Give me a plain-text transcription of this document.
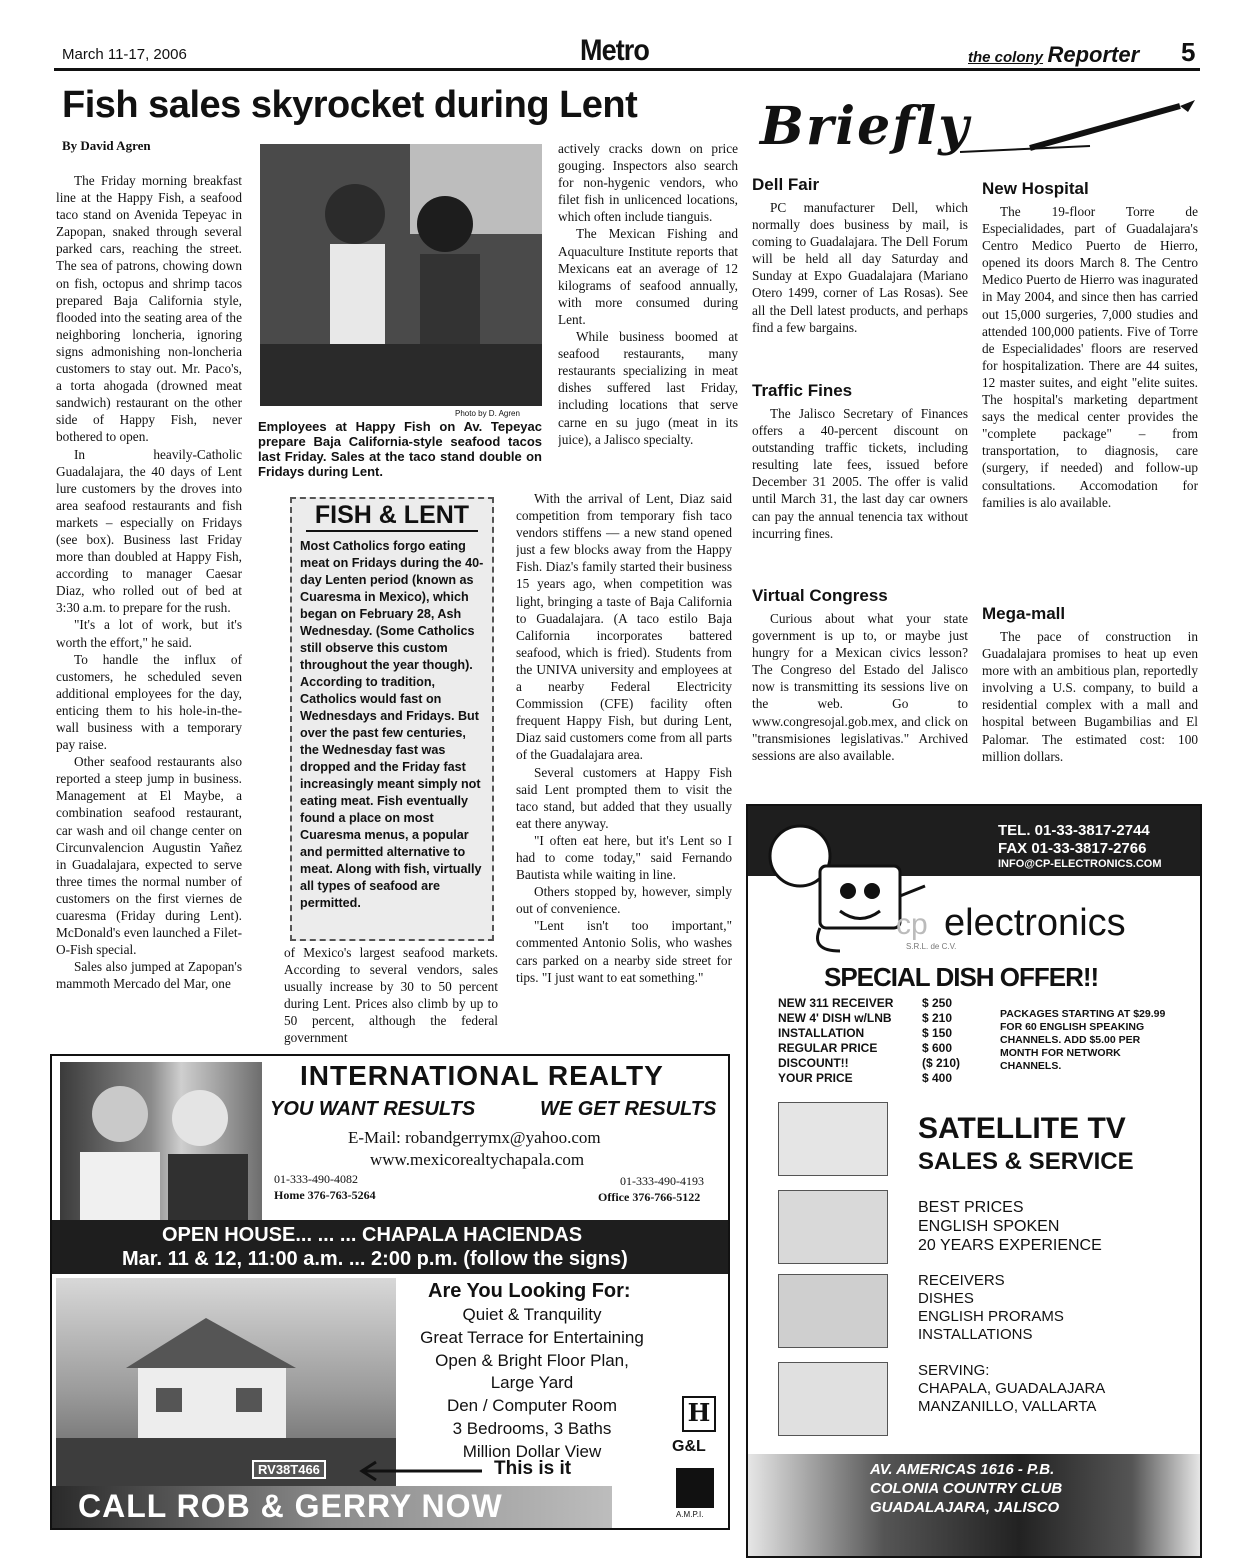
March 11-17, 2006	Metro	the colony Reporter 5
Fish sales skyrocket during Lent
By David Agren

The Friday morning breakfast line at the Happy Fish, a seafood taco stand on Avenida Tepeyac in Zapopan, snaked through several parked cars, reaching the street. The sea of patrons, chowing down on fish, octopus and shrimp tacos prepared Baja California style, flooded into the seating area of the neighboring loncheria, ignoring signs admonishing non-loncheria customers to stay out. Mr. Paco's, a torta ahogada (drowned meat sandwich) restaurant on the other side of Happy Fish, never bothered to open.

In heavily-Catholic Guadalajara, the 40 days of Lent lure customers by the droves into area seafood restaurants and fish markets – especially on Fridays (see box). Business last Friday more than doubled at Happy Fish, according to manager Caesar Diaz, who rolled out of bed at 3:30 a.m. to prepare for the rush.

"It's a lot of work, but it's worth the effort," he said.

To handle the influx of customers, he scheduled seven additional employees for the day, enticing them to his hole-in-the-wall business with a temporary pay raise.

Other seafood restaurants also reported a steep jump in business. Management at El Maybe, a combination seafood restaurant, car wash and oil change center on Circunvalencion Augustin Yañez in Guadalajara, expected to serve three times the normal number of customers on the first viernes de cuaresma (Friday during Lent). McDonald's even launched a Filet-O-Fish special.

Sales also jumped at Zapopan's mammoth Mercado del Mar, one

Photo by D. Agren
Employees at Happy Fish on Av. Tepeyac prepare Baja California-style seafood tacos last Friday. Sales at the taco stand double on Fridays during Lent.
FISH & LENT
Most Catholics forgo eating meat on Fridays during the 40-day Lenten period (known as Cuaresma in Mexico), which began on February 28, Ash Wednesday. (Some Catholics still observe this custom throughout the year though). According to tradition, Catholics would fast on Wednesdays and Fridays. But over the past few centuries, the Wednesday fast was dropped and the Friday fast increasingly meant simply not eating meat. Fish eventually found a place on most Cuaresma menus, a popular and permitted alternative to meat. Along with fish, virtually all types of seafood are permitted.

of Mexico's largest seafood markets. According to several vendors, sales usually increase by 30 to 50 percent during Lent. Prices also climb by up to 50 percent, although the federal government

actively cracks down on price gouging. Inspectors also search for non-hygenic vendors, who filet fish in unlicenced locations, which often include tianguis.

The Mexican Fishing and Aquaculture Institute reports that Mexicans eat an average of 12 kilograms of seafood annually, with more consumed during Lent.

While business boomed at seafood restaurants, many restaurants specializing in meat dishes suffered last Friday, including locations that serve carne en su jugo (meat in its juice), a Jalisco specialty.

With the arrival of Lent, Diaz said competition from temporary fish taco vendors stiffens — a new stand opened just a few blocks away from the Happy Fish. Diaz's family started their business 15 years ago, when competition was light, bringing a taste of Baja California to Guadalajara. (A taco estilo Baja California incorporates battered seafood, which is fried). Students from the UNIVA university and employees at a nearby Federal Electricity Commission (CFE) facility often frequent Happy Fish, but during Lent, Diaz said customers come from all parts of the Guadalajara area.

Several customers at Happy Fish said Lent prompted them to visit the taco stand, but added that they usually eat there anyway.

"I often eat here, but it's Lent so I had to come today," said Fernando Bautista while waiting in line.

Others stopped by, however, simply out of convenience.

"Lent isn't too important," commented Antonio Solis, who washes cars parked on a nearby side street for tips. "I just want to eat something."

Briefly
Dell Fair
PC manufacturer Dell, which normally does business by mail, is coming to Guadalajara. The Dell Forum will be held all day Saturday and Sunday at Expo Guadalajara (Mariano Otero 1499, corner of Las Rosas). See all the Dell latest products, and perhaps find a few bargains.
Traffic Fines
The Jalisco Secretary of Finances offers a 40-percent discount on outstanding traffic tickets, including resulting late fees, issued before December 31 2005. The offer is valid until March 31, the last day car owners can pay the annual tenencia tax without incurring fines.
Virtual Congress
Curious about what your state government is up to, or maybe just hungry for a Mexican civics lesson? The Congreso del Estado del Jalisco now is transmitting its sessions live on the web. Go to www.congresojal.gob.mex, and click on "transmisiones legislativas." Archived sessions are also available.
New Hospital
The 19-floor Torre de Especialidades, part of Guadalajara's Centro Medico Puerto de Hierro, opened its doors March 8. The Centro Medico Puerto de Hierro was inagurated in May 2004, and since then has carried out 15,000 surgeries, 7,000 studies and attended 100,000 patients. Five of Torre de Especialidades' floors are reserved for hospitalization. There are 44 suites, 12 master suites, and eight "elite suites. The hospital's marketing department says the medical center provides the "complete package" – from transportation, to diagnosis, care (surgery, if needed) and follow-up consultations. Accomodation for families is alo available.
Mega-mall
The pace of construction in Guadalajara promises to heat up even more with an ambitious plan, reportedly involving a U.S. company, to build a residential complex with a mall and hospital between Bugambilias and El Palomar. The estimated cost: 100 million dollars.
TEL. 01-33-3817-2744
FAX 01-33-3817-2766
INFO@CP-ELECTRONICS.COM
cp electronics
S.R.L. de C.V.
SPECIAL DISH OFFER!!
NEW 311 RECEIVER $ 250
NEW 4' DISH w/LNB	$ 210
INSTALLATION	$ 150
REGULAR PRICE	$ 600
DISCOUNT!!	($ 210)
YOUR PRICE	$ 400
PACKAGES STARTING AT $29.99 FOR 60 ENGLISH SPEAKING CHANNELS. ADD $5.00 PER MONTH FOR NETWORK CHANNELS.
SATELLITE TV
SALES & SERVICE
BEST PRICES
ENGLISH SPOKEN
20 YEARS EXPERIENCE
RECEIVERS
DISHES
ENGLISH PRORAMS
INSTALLATIONS
SERVING:
CHAPALA, GUADALAJARA
MANZANILLO, VALLARTA
AV. AMERICAS 1616 - P.B.
COLONIA COUNTRY CLUB
GUADALAJARA, JALISCO
INTERNATIONAL REALTY
YOU WANT RESULTS	WE GET RESULTS
E-Mail: robandgerrymx@yahoo.com
www.mexicorealtychapala.com
01-333-490-4082
Home 376-763-5264
01-333-490-4193
Office 376-766-5122
OPEN HOUSE... ... ... CHAPALA HACIENDAS
Mar. 11 & 12, 11:00 a.m. ... 2:00 p.m. (follow the signs)
RV38T466
Are You Looking For:
Quiet & Tranquility
Great Terrace for Entertaining
Open & Bright Floor Plan,
Large Yard
Den / Computer Room
3 Bedrooms, 3 Baths
Million Dollar View
This is it
H
G&L
A.M.P.I.
CALL ROB & GERRY NOW
